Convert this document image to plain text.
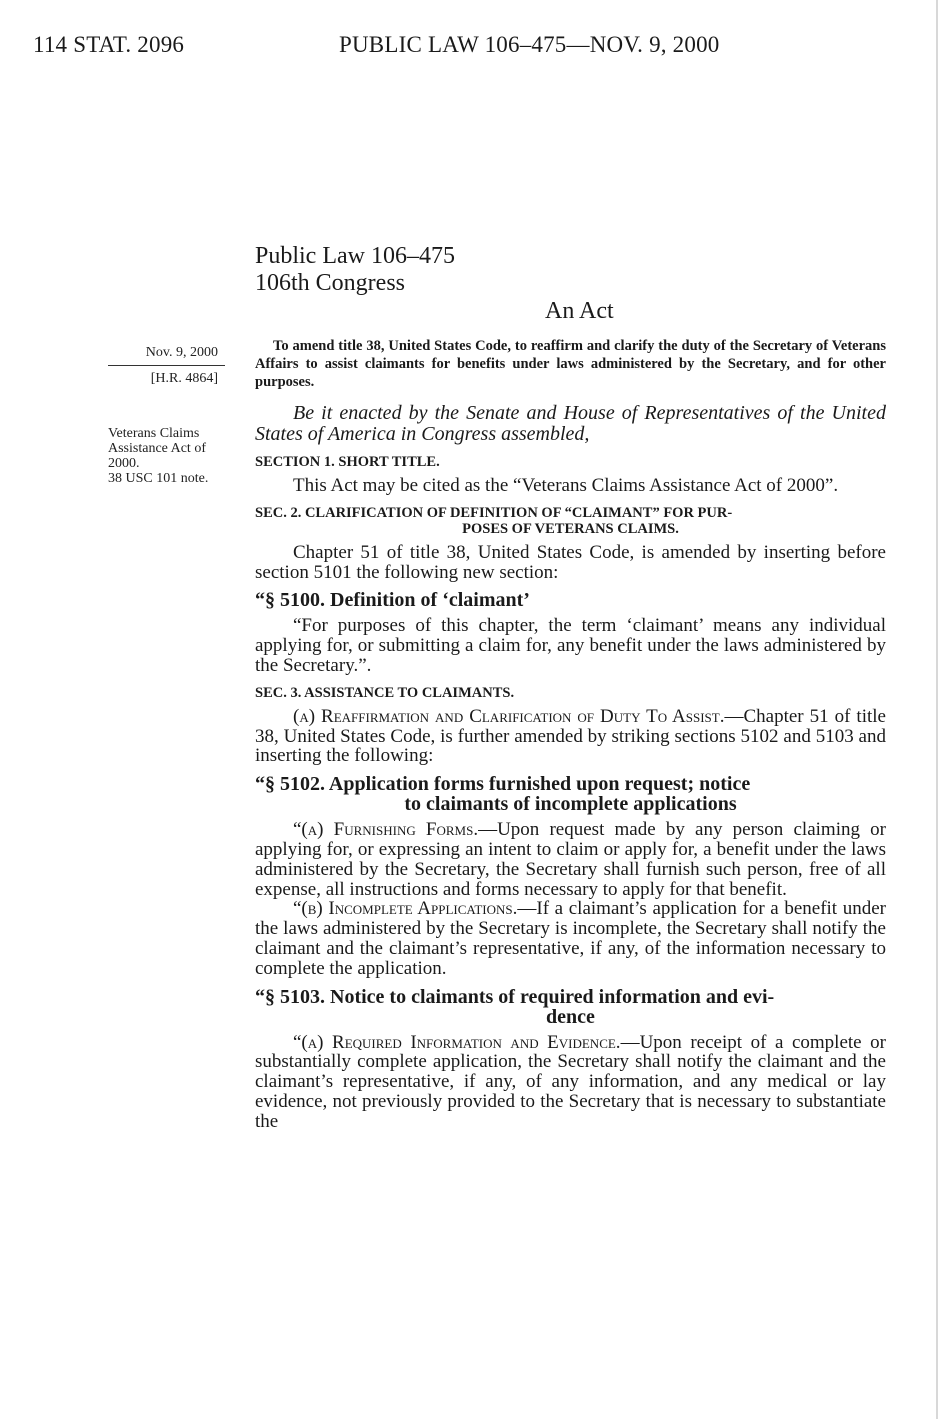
114 STAT. 2096	PUBLIC LAW 106–475—NOV. 9, 2000
Public Law 106–475
106th Congress
An Act
Nov. 9, 2000
[H.R. 4864]
Veterans Claims
Assistance Act of
2000.
38 USC 101 note.

To amend title 38, United States Code, to reaffirm and clarify the duty of the Secretary of Veterans Affairs to assist claimants for benefits under laws administered by the Secretary, and for other purposes.

Be it enacted by the Senate and House of Representatives of the United States of America in Congress assembled,

SECTION 1. SHORT TITLE.

This Act may be cited as the “Veterans Claims Assistance Act of 2000”.

SEC. 2. CLARIFICATION OF DEFINITION OF “CLAIMANT” FOR PUR-
POSES OF VETERANS CLAIMS.

Chapter 51 of title 38, United States Code, is amended by inserting before section 5101 the following new section:

“§ 5100. Definition of ‘claimant’

“For purposes of this chapter, the term ‘claimant’ means any individual applying for, or submitting a claim for, any benefit under the laws administered by the Secretary.”.

SEC. 3. ASSISTANCE TO CLAIMANTS.

(a) Reaffirmation and Clarification of Duty To Assist.—Chapter 51 of title 38, United States Code, is further amended by striking sections 5102 and 5103 and inserting the following:

“§ 5102. Application forms furnished upon request; notice
to claimants of incomplete applications

“(a) Furnishing Forms.—Upon request made by any person claiming or applying for, or expressing an intent to claim or apply for, a benefit under the laws administered by the Secretary, the Secretary shall furnish such person, free of all expense, all instructions and forms necessary to apply for that benefit.

“(b) Incomplete Applications.—If a claimant’s application for a benefit under the laws administered by the Secretary is incomplete, the Secretary shall notify the claimant and the claimant’s representative, if any, of the information necessary to complete the application.

“§ 5103. Notice to claimants of required information and evi-
dence

“(a) Required Information and Evidence.—Upon receipt of a complete or substantially complete application, the Secretary shall notify the claimant and the claimant’s representative, if any, of any information, and any medical or lay evidence, not previously provided to the Secretary that is necessary to substantiate the
